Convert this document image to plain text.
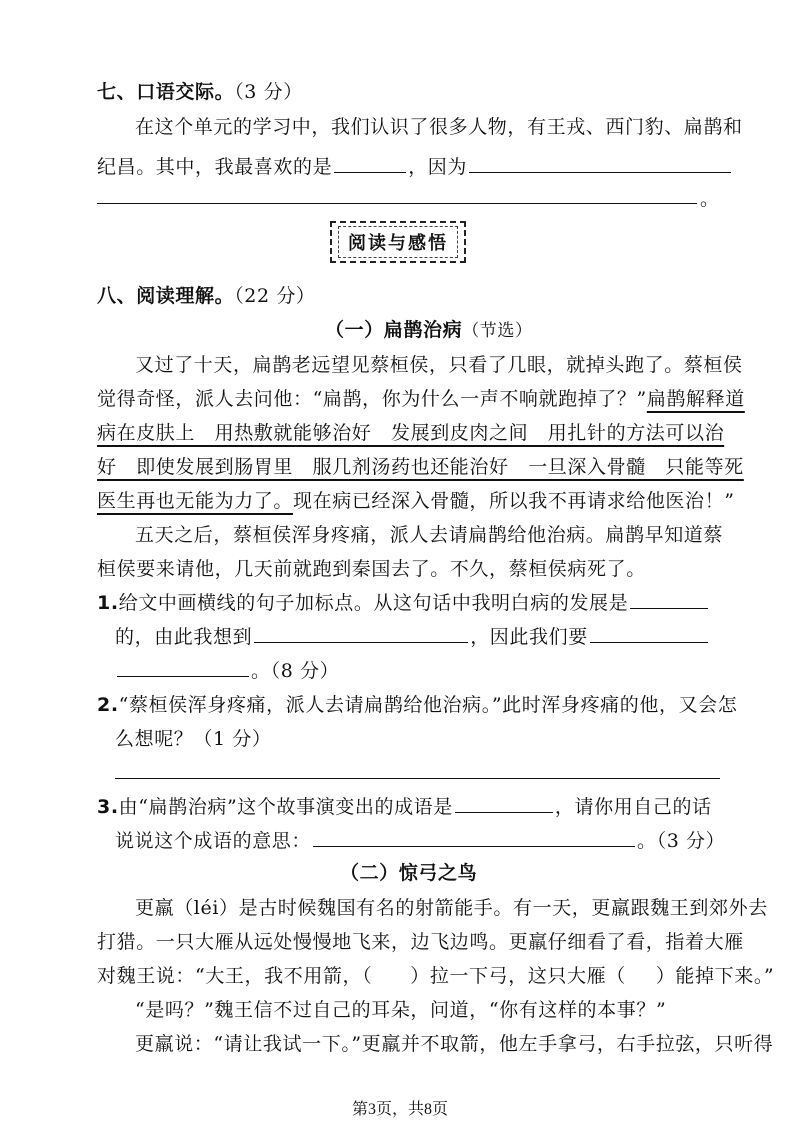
七、口语交际。（3 分）
在这个单元的学习中，我们认识了很多人物，有王戎、西门豹、扁鹊和
纪昌。其中，我最喜欢的是	，因为
。
阅读与感悟
八、阅读理解。（22 分）
（一）扁鹊治病（节选）
又过了十天，扁鹊老远望见蔡桓侯，只看了几眼，就掉头跑了。蔡桓侯
觉得奇怪，派人去问他：“扁鹊，你为什么一声不响就跑掉了？”扁鹊解释道
病在皮肤上　用热敷就能够治好　发展到皮肉之间　用扎针的方法可以治
好　即使发展到肠胃里　服几剂汤药也还能治好　一旦深入骨髓　只能等死
医生再也无能为力了。现在病已经深入骨髓，所以我不再请求给他医治！”
五天之后，蔡桓侯浑身疼痛，派人去请扁鹊给他治病。扁鹊早知道蔡
桓侯要来请他，几天前就跑到秦国去了。不久，蔡桓侯病死了。
1.给文中画横线的句子加标点。从这句话中我明白病的发展是
的，由此我想到	，因此我们要
。（8 分）
2.“蔡桓侯浑身疼痛，派人去请扁鹊给他治病。”此时浑身疼痛的他，又会怎
么想呢？（1 分）
3.由“扁鹊治病”这个故事演变出的成语是	，请你用自己的话
说说这个成语的意思：	。（3 分）
（二）惊弓之鸟
更羸（léi）是古时候魏国有名的射箭能手。有一天，更羸跟魏王到郊外去
打猎。一只大雁从远处慢慢地飞来，边飞边鸣。更羸仔细看了看，指着大雁
对魏王说：“大王，我不用箭，（ ）拉一下弓，这只大雁（ ）能掉下来。”
“是吗？”魏王信不过自己的耳朵，问道，“你有这样的本事？”
更羸说：“请让我试一下。”更羸并不取箭，他左手拿弓，右手拉弦，只听得
第3页，共8页
